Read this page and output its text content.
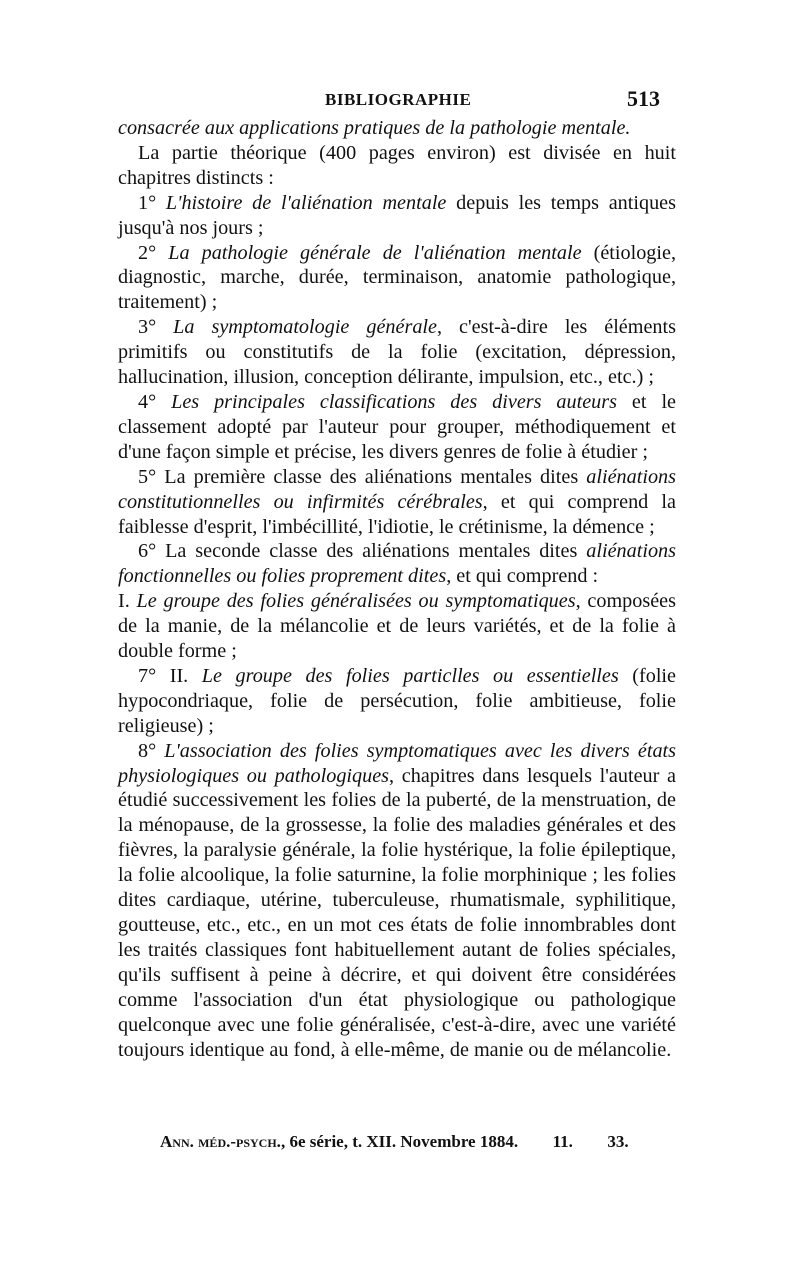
BIBLIOGRAPHIE	513

consacrée aux applications pratiques de la pathologie mentale.

La partie théorique (400 pages environ) est divisée en huit chapitres distincts :

1° L'histoire de l'aliénation mentale depuis les temps antiques jusqu'à nos jours ;

2° La pathologie générale de l'aliénation mentale (étiologie, diagnostic, marche, durée, terminaison, anatomie pathologique, traitement) ;

3° La symptomatologie générale, c'est-à-dire les éléments primitifs ou constitutifs de la folie (excitation, dépression, hallucination, illusion, conception délirante, impulsion, etc., etc.) ;

4° Les principales classifications des divers auteurs et le classement adopté par l'auteur pour grouper, méthodiquement et d'une façon simple et précise, les divers genres de folie à étudier ;

5° La première classe des aliénations mentales dites aliénations constitutionnelles ou infirmités cérébrales, et qui comprend la faiblesse d'esprit, l'imbécillité, l'idiotie, le crétinisme, la démence ;

6° La seconde classe des aliénations mentales dites aliénations fonctionnelles ou folies proprement dites, et qui comprend :

I. Le groupe des folies généralisées ou symptomatiques, composées de la manie, de la mélancolie et de leurs variétés, et de la folie à double forme ;

7° II. Le groupe des folies particlles ou essentielles (folie hypocondriaque, folie de persécution, folie ambitieuse, folie religieuse) ;

8° L'association des folies symptomatiques avec les divers états physiologiques ou pathologiques, chapitres dans lesquels l'auteur a étudié successivement les folies de la puberté, de la menstruation, de la ménopause, de la grossesse, la folie des maladies générales et des fièvres, la paralysie générale, la folie hystérique, la folie épileptique, la folie alcoolique, la folie saturnine, la folie morphinique ; les folies dites cardiaque, utérine, tuberculeuse, rhumatismale, syphilitique, goutteuse, etc., etc., en un mot ces états de folie innombrables dont les traités classiques font habituellement autant de folies spéciales, qu'ils suffisent à peine à décrire, et qui doivent être considérées comme l'association d'un état physiologique ou pathologique quelconque avec une folie généralisée, c'est-à-dire, avec une variété toujours identique au fond, à elle-même, de manie ou de mélancolie.

Ann. méd.-psych., 6e série, t. XII. Novembre 1884. 11. 33.
